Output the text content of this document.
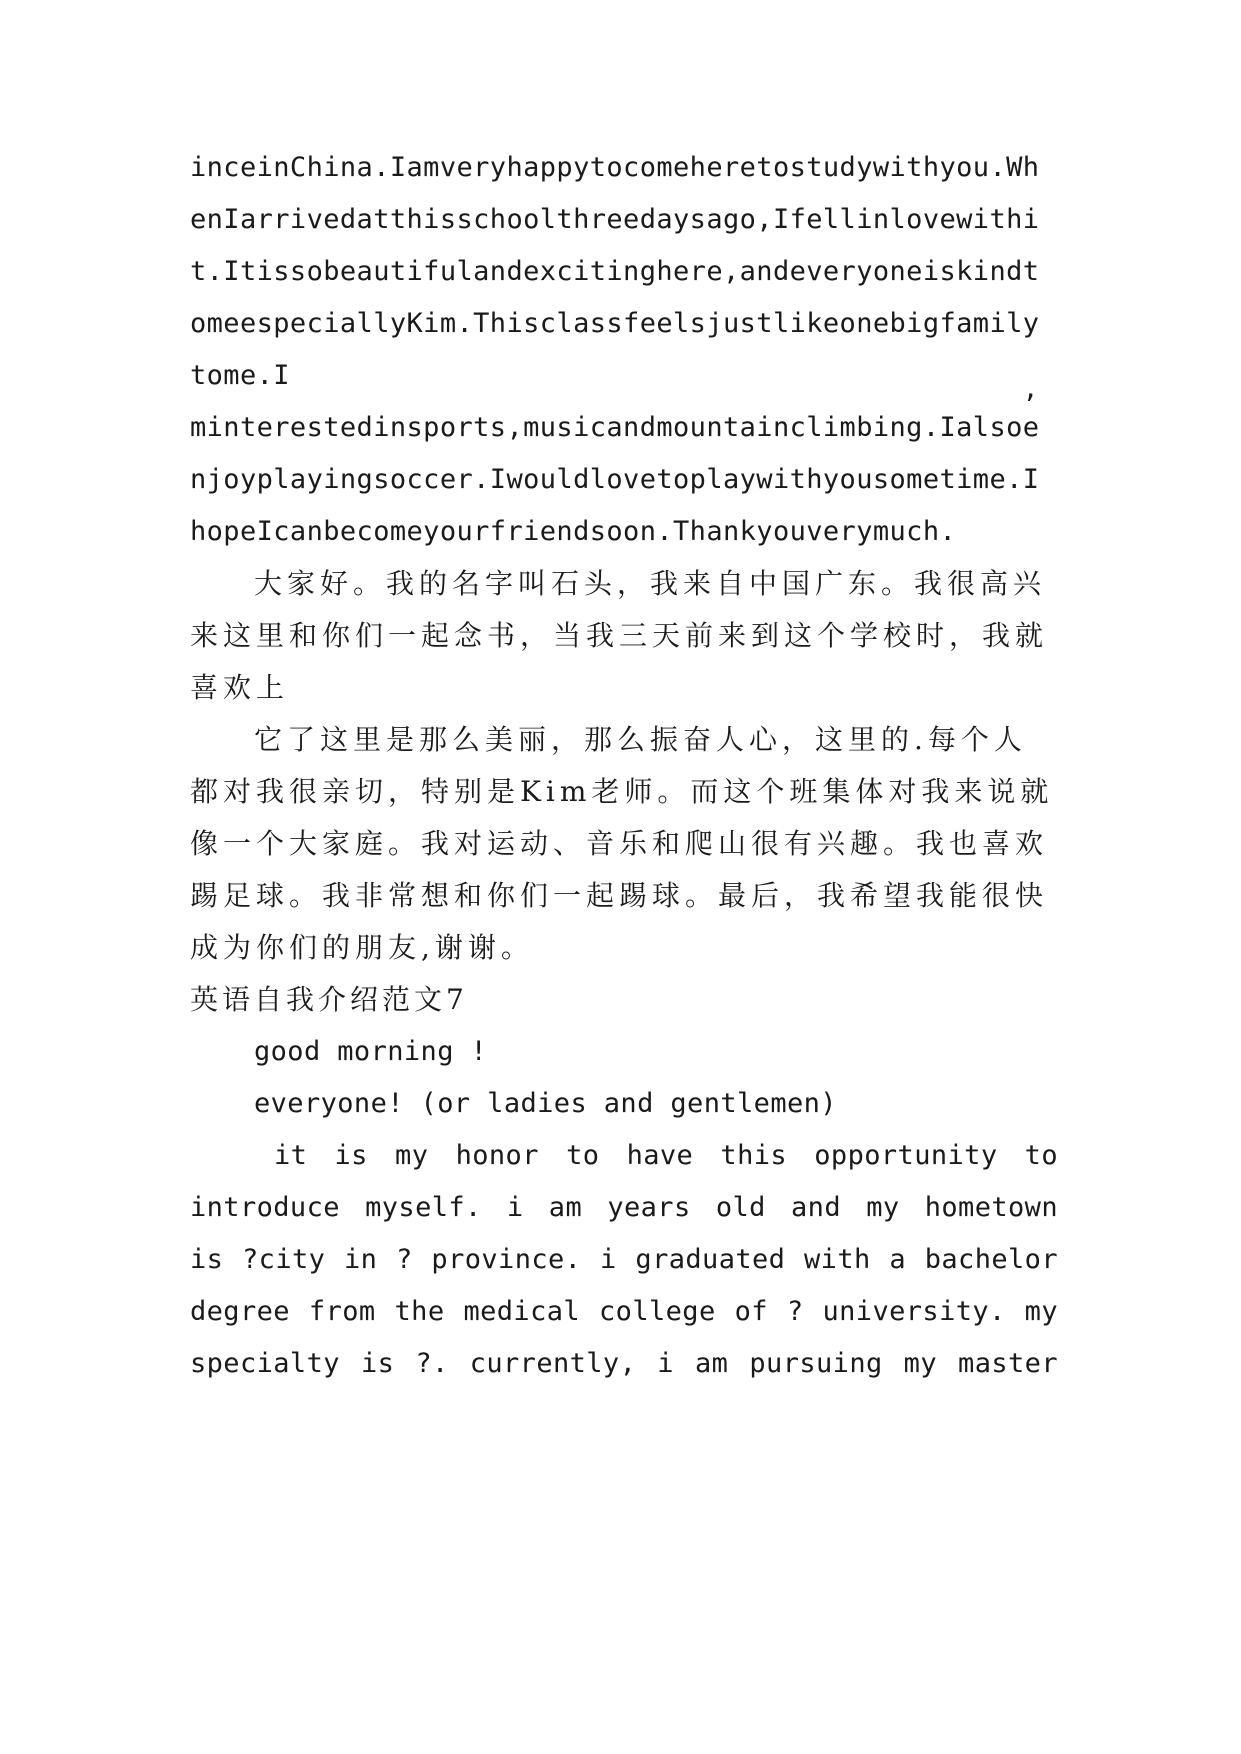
inceinChina.Iamveryhappytocomeheretostudywithyou.Wh
enIarrivedatthisschoolthreedaysago,Ifellinlovewithi
t.Itissobeautifulandexcitinghere,andeveryoneiskindt
omeespeciallyKim.Thisclassfeelsjustlikeonebigfamily
tome.I
’
minterestedinsports,musicandmountainclimbing.Ialsoe
njoyplayingsoccer.Iwouldlovetoplaywithyousometime.I
hopeIcanbecomeyourfriendsoon.Thankyouverymuch.
大家好。我的名字叫石头，我来自中国广东。我很高兴
来这里和你们一起念书，当我三天前来到这个学校时，我就
喜欢上
它了这里是那么美丽，那么振奋人心，这里的.每个人
都对我很亲切，特别是Kim老师。而这个班集体对我来说就
像一个大家庭。我对运动、音乐和爬山很有兴趣。我也喜欢
踢足球。我非常想和你们一起踢球。最后，我希望我能很快
成为你们的朋友,谢谢。
英语自我介绍范文7
good morning !
everyone! (or ladies and gentlemen)
it is my honor to have this opportunity to
introduce myself. i am years old and my hometown
is ?city in ? province. i graduated with a bachelor
degree from the medical college of ? university. my
specialty is ?. currently, i am pursuing my master
